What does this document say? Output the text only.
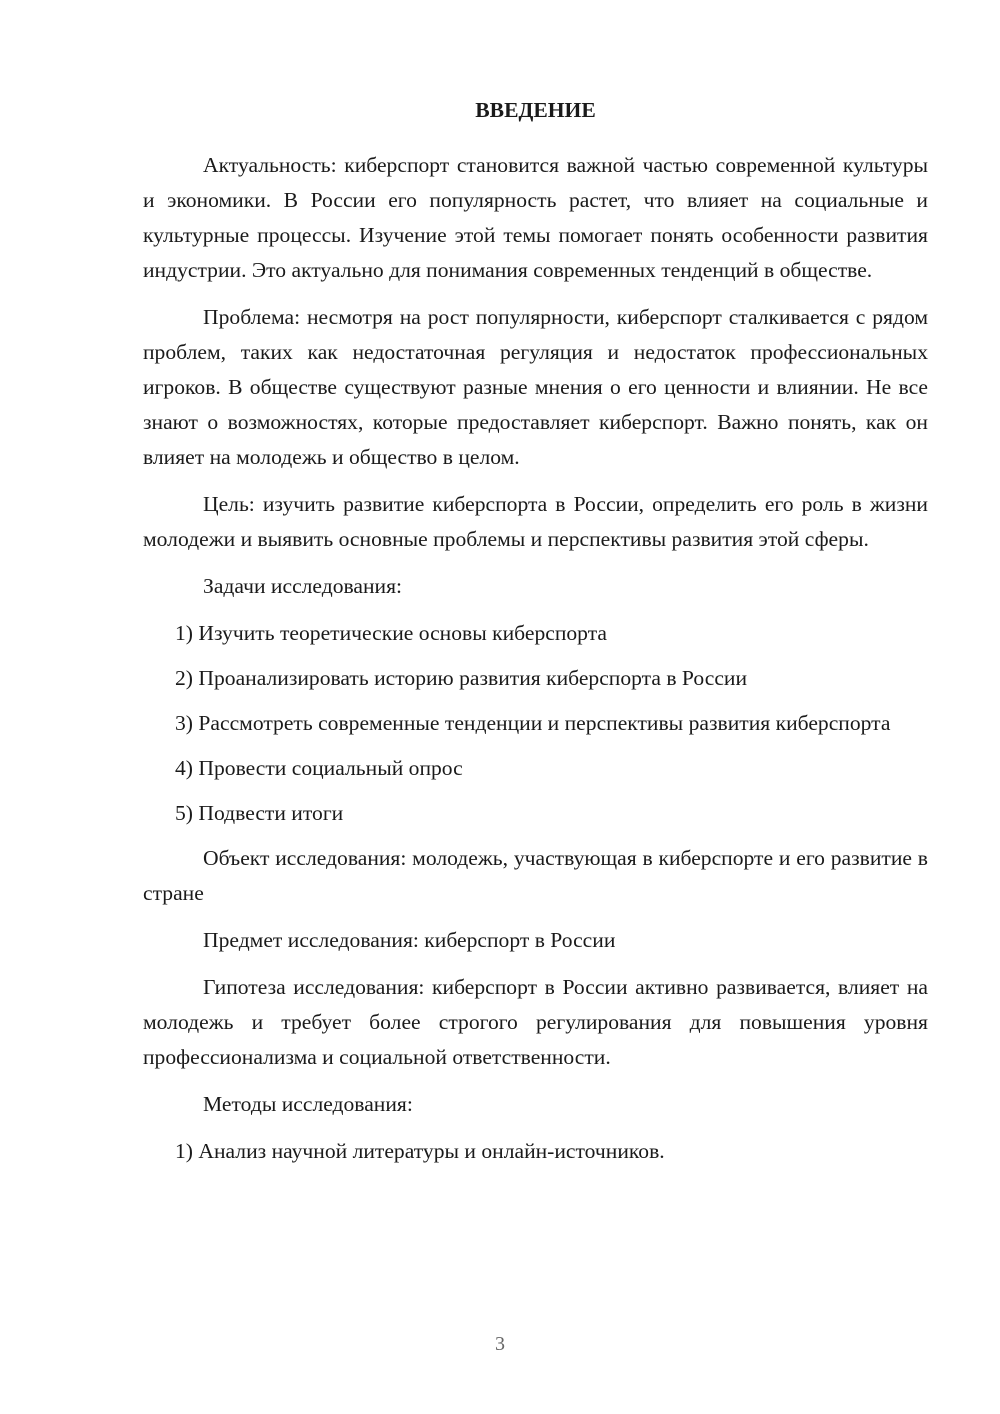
ВВЕДЕНИЕ

Актуальность: киберспорт становится важной частью современной культуры и экономики. В России его популярность растет, что влияет на социальные и культурные процессы. Изучение этой темы помогает понять особенности развития индустрии. Это актуально для понимания современных тенденций в обществе.

Проблема: несмотря на рост популярности, киберспорт сталкивается с рядом проблем, таких как недостаточная регуляция и недостаток профессиональных игроков. В обществе существуют разные мнения о его ценности и влиянии. Не все знают о возможностях, которые предоставляет киберспорт. Важно понять, как он влияет на молодежь и общество в целом.

Цель: изучить развитие киберспорта в России, определить его роль в жизни молодежи и выявить основные проблемы и перспективы развития этой сферы.

Задачи исследования:

1) Изучить теоретические основы киберспорта

2) Проанализировать историю развития киберспорта в России

3) Рассмотреть современные тенденции и перспективы развития киберспорта

4) Провести социальный опрос

5) Подвести итоги

Объект исследования: молодежь, участвующая в киберспорте и его развитие в стране

Предмет исследования: киберспорт в России

Гипотеза исследования: киберспорт в России активно развивается, влияет на молодежь и требует более строгого регулирования для повышения уровня профессионализма и социальной ответственности.

Методы исследования:

1) Анализ научной литературы и онлайн-источников.

3
